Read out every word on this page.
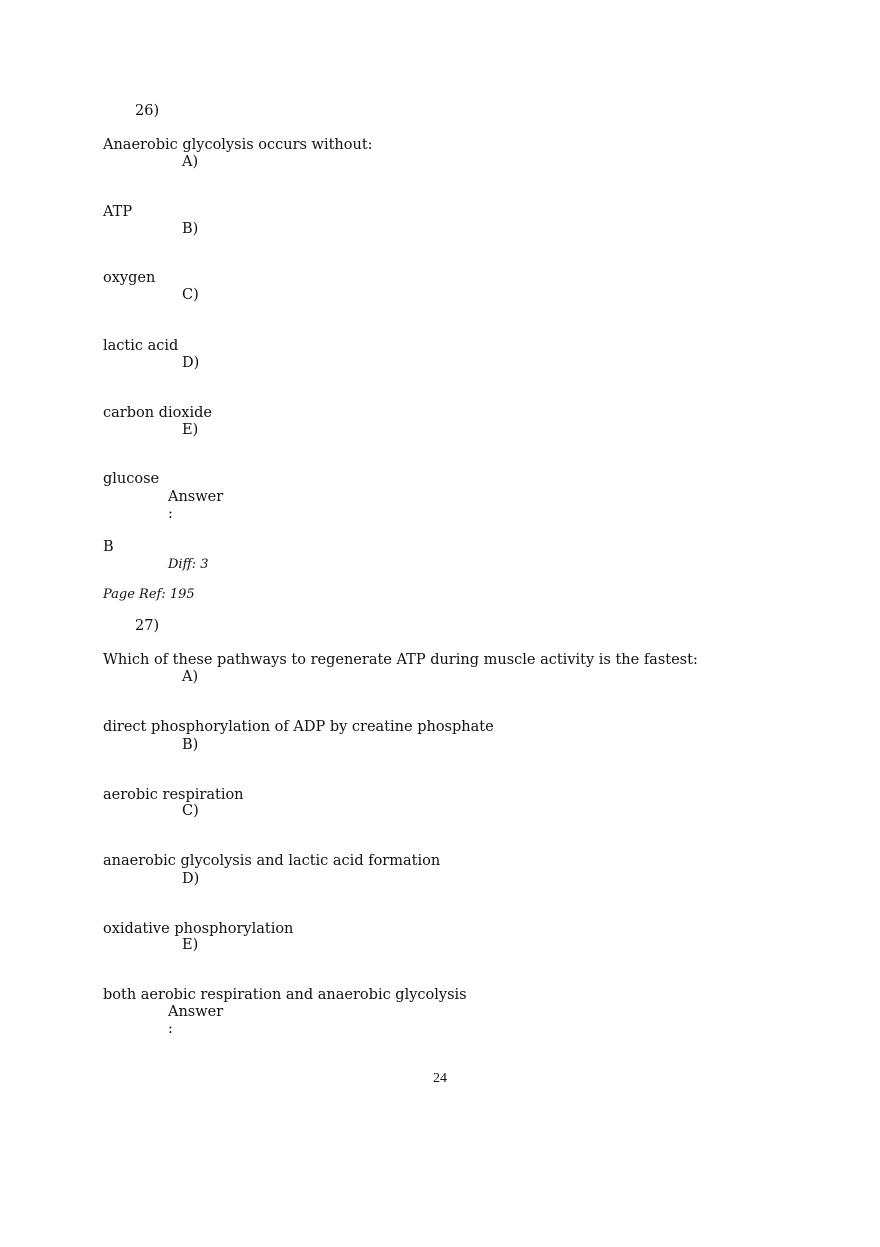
26)
Anaerobic glycolysis occurs without:
A)
ATP
B)
oxygen
C)
lactic acid
D)
carbon dioxide
E)
glucose
Answer
:
B
Diff: 3
Page Ref: 195
27)
Which of these pathways to regenerate ATP during muscle activity is the fastest:
A)
direct phosphorylation of ADP by creatine phosphate
B)
aerobic respiration
C)
anaerobic glycolysis and lactic acid formation
D)
oxidative phosphorylation
E)
both aerobic respiration and anaerobic glycolysis
Answer
:
24
